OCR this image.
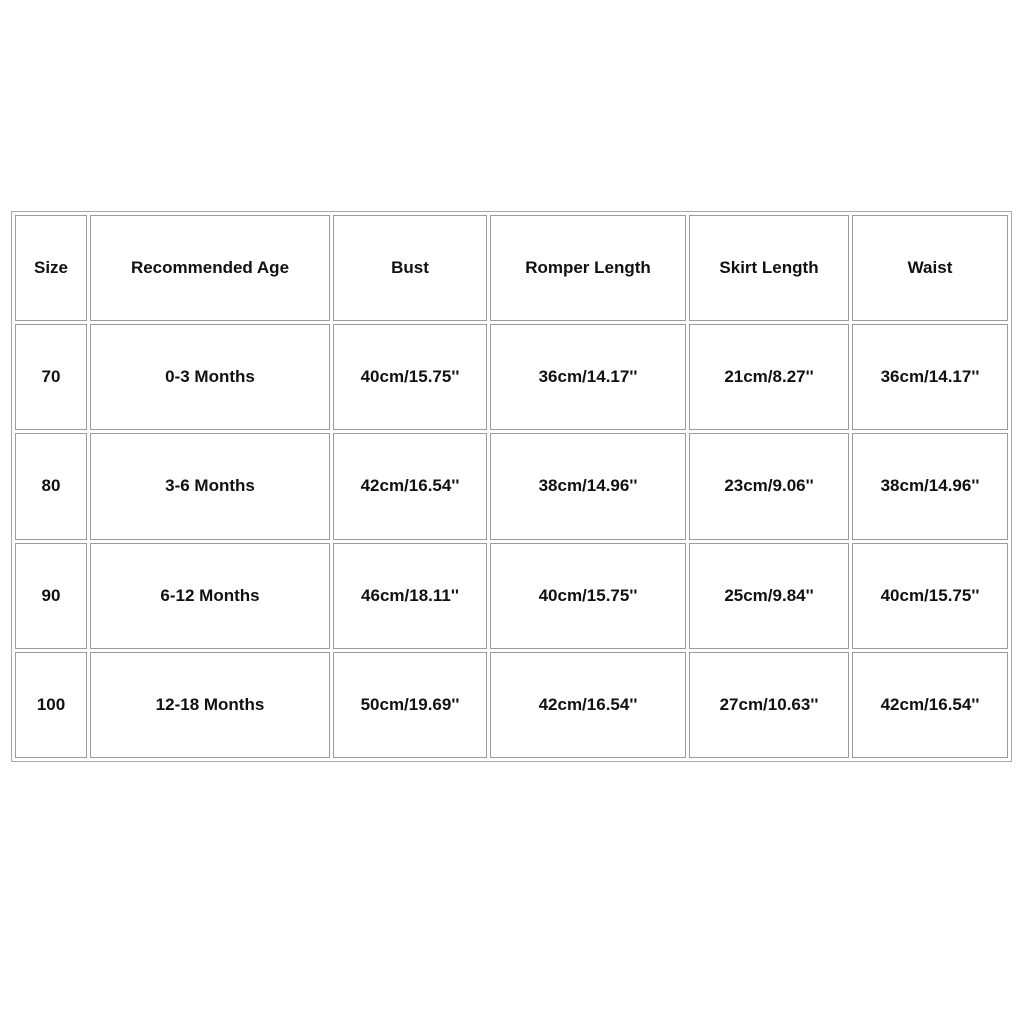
Size	Recommended Age	Bust	Romper Length	Skirt Length	Waist
70	0-3 Months	40cm/15.75''	36cm/14.17''	21cm/8.27''	36cm/14.17''
80	3-6 Months	42cm/16.54''	38cm/14.96''	23cm/9.06''	38cm/14.96''
90	6-12 Months	46cm/18.11''	40cm/15.75''	25cm/9.84''	40cm/15.75''
100	12-18 Months	50cm/19.69''	42cm/16.54''	27cm/10.63''	42cm/16.54''
